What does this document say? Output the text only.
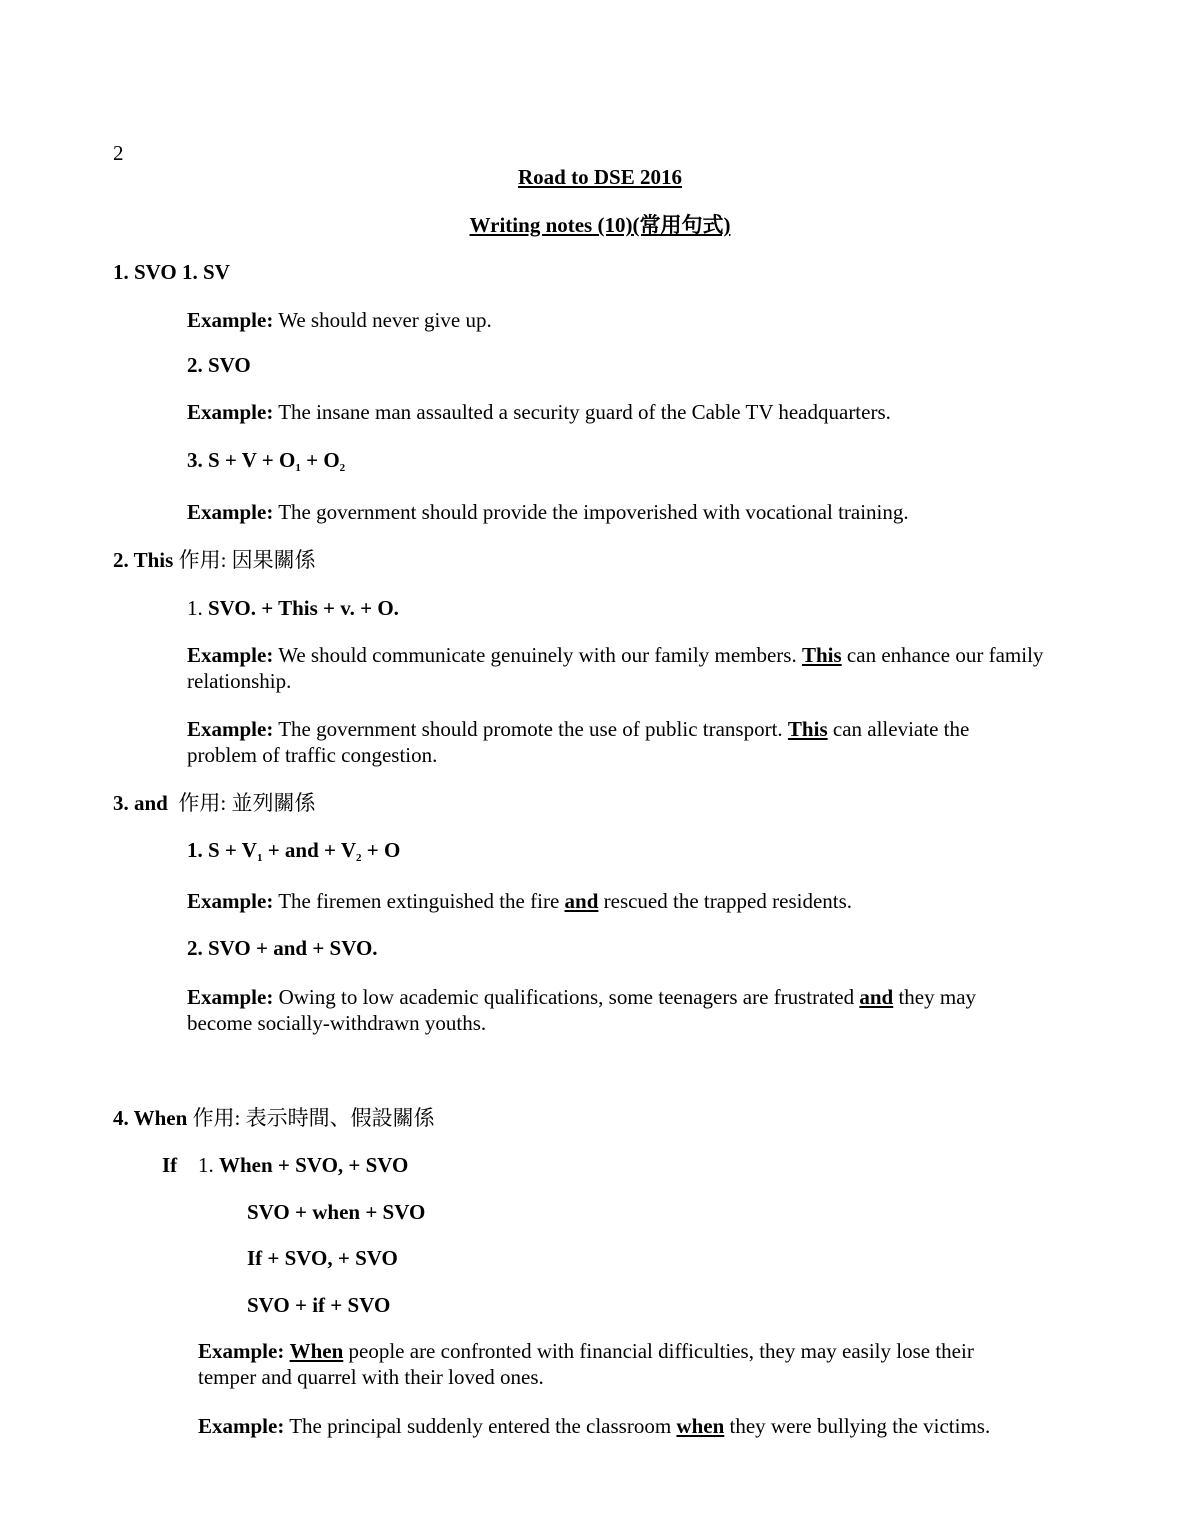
2
Road to DSE 2016
Writing notes (10)(常用句式)
1. SVO 1. SV
Example: We should never give up.
2. SVO
Example: The insane man assaulted a security guard of the Cable TV headquarters.
3. $S + V + O_1 + O_2$
Example: The government should provide the impoverished with vocational training.
2. This 作用: 因果關係
1. SVO. + This + v. + O.
Example: We should communicate genuinely with our family members. This can enhance our family relationship.
Example: The government should promote the use of public transport. This can alleviate the problem of traffic congestion.
3. and  作用: 並列關係
1. $S + V_1$ + and + $V_2 + O$
Example: The firemen extinguished the fire and rescued the trapped residents.
2. SVO + and + SVO.
Example: Owing to low academic qualifications, some teenagers are frustrated and they may become socially-withdrawn youths.
4. When 作用: 表示時間、假設關係
If 1. When + SVO, + SVO
SVO + when + SVO
If + SVO, + SVO
SVO + if + SVO
Example: When people are confronted with financial difficulties, they may easily lose their temper and quarrel with their loved ones.
Example: The principal suddenly entered the classroom when they were bullying the victims.
